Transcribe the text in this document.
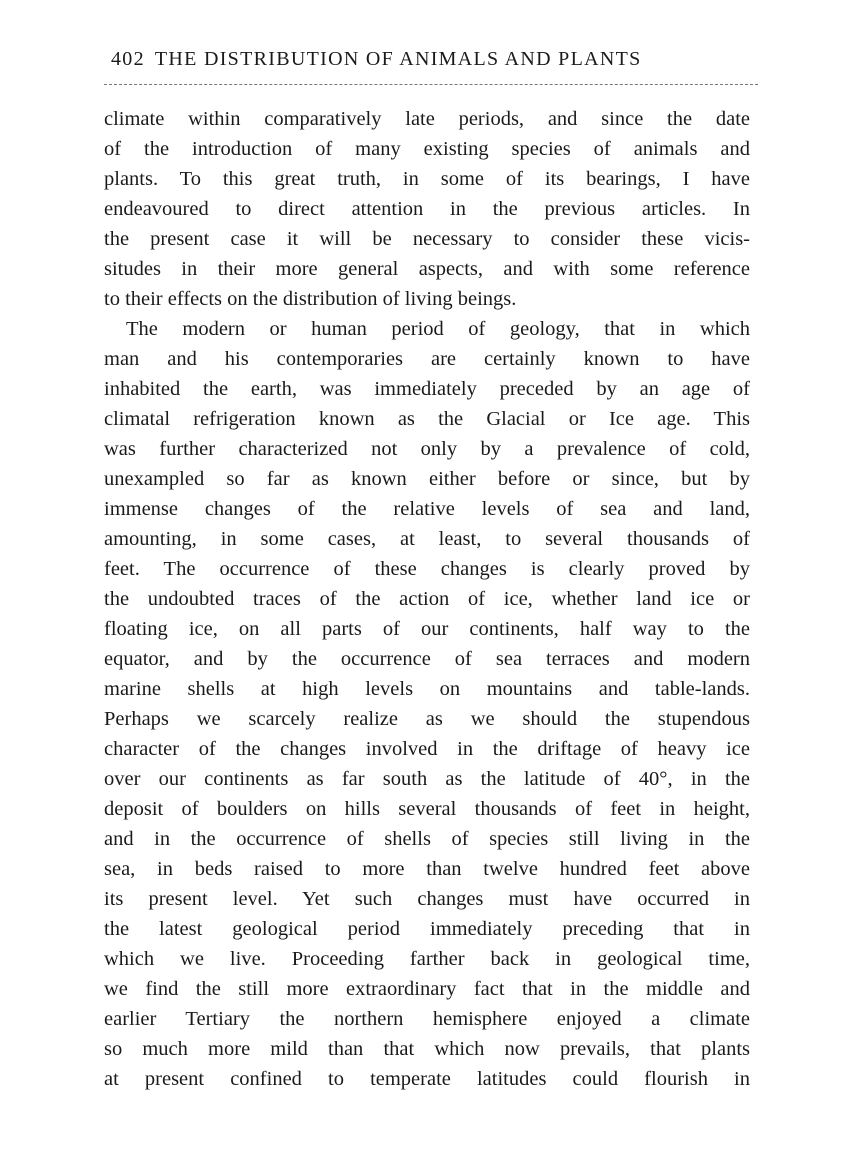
402 THE DISTRIBUTION OF ANIMALS AND PLANTS
climate within comparatively late periods, and since the date
of the introduction of many existing species of animals and
plants. To this great truth, in some of its bearings, I have
endeavoured to direct attention in the previous articles. In
the present case it will be necessary to consider these vicis-
situdes in their more general aspects, and with some reference
to their effects on the distribution of living beings.
The modern or human period of geology, that in which
man and his contemporaries are certainly known to have
inhabited the earth, was immediately preceded by an age of
climatal refrigeration known as the Glacial or Ice age. This
was further characterized not only by a prevalence of cold,
unexampled so far as known either before or since, but by
immense changes of the relative levels of sea and land,
amounting, in some cases, at least, to several thousands of
feet. The occurrence of these changes is clearly proved by
the undoubted traces of the action of ice, whether land ice or
floating ice, on all parts of our continents, half way to the
equator, and by the occurrence of sea terraces and modern
marine shells at high levels on mountains and table-lands.
Perhaps we scarcely realize as we should the stupendous
character of the changes involved in the driftage of heavy ice
over our continents as far south as the latitude of 40°, in the
deposit of boulders on hills several thousands of feet in height,
and in the occurrence of shells of species still living in the
sea, in beds raised to more than twelve hundred feet above
its present level. Yet such changes must have occurred in
the latest geological period immediately preceding that in
which we live. Proceeding farther back in geological time,
we find the still more extraordinary fact that in the middle and
earlier Tertiary the northern hemisphere enjoyed a climate
so much more mild than that which now prevails, that plants
at present confined to temperate latitudes could flourish in
